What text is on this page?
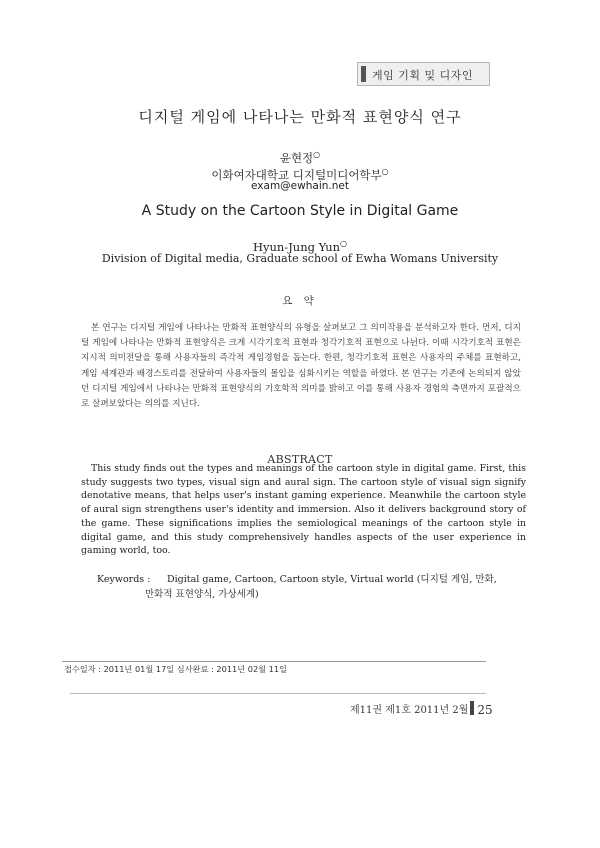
게임 기획 및 디자인
디지털 게임에 나타나는 만화적 표현양식 연구
윤현정○
이화여자대학교 디지털미디어학부○
exam@ewhain.net
A Study on the Cartoon Style in Digital Game
Hyun-Jung Yun○
Division of Digital media, Graduate school of Ewha Womans University
요 약

본 연구는 디지털 게임에 나타나는 만화적 표현양식의 유형을 살펴보고 그 의미작용을 분석하고자 한다. 먼저, 디지털 게임에 나타나는 만화적 표현양식은 크게 시각기호적 표현과 청각기호적 표현으로 나뉜다. 이때 시각기호적 표현은 지시적 의미전달을 통해 사용자들의 즉각적 게임경험을 돕는다. 한편, 청각기호적 표현은 사용자의 주체를 표현하고, 게임 세계관과 배경스토리를 전달하여 사용자들의 몰입을 심화시키는 역할을 하였다. 본 연구는 기존에 논의되지 않았던 디지털 게임에서 나타나는 만화적 표현양식의 기호학적 의미를 밝히고 이를 통해 사용자 경험의 측면까지 포괄적으로 살펴보았다는 의의를 지닌다.

ABSTRACT

This study finds out the types and meanings of the cartoon style in digital game. First, this study suggests two types, visual sign and aural sign. The cartoon style of visual sign signify denotative means, that helps user's instant gaming experience. Meanwhile the cartoon style of aural sign strengthens user's identity and immersion. Also it delivers background story of the game. These significations implies the semiological meanings of the cartoon style in digital game, and this study comprehensively handles aspects of the user experience in gaming world, too.

Keywords : Digital game, Cartoon, Cartoon style, Virtual world (디지털 게임, 만화,
만화적 표현양식, 가상세계)
접수일자 : 2011년 01월 17일 심사완료 : 2011년 02월 11일
제11권 제1호 2011년 2월 25
